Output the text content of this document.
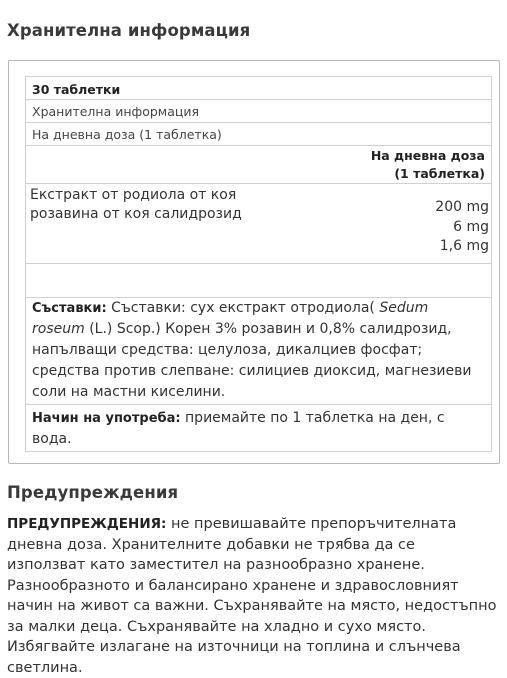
Хранителна информация
30 таблетки
Хранителна информация
На дневна доза (1 таблетка)
На дневна доза (1 таблетка)
Екстракт от родиола от коя розавина от коя салидрозид	200 mg
6 mg
1,6 mg
Съставки: Съставки: сух екстракт отродиола( Sedum roseum (L.) Scop.) Корен 3% розавин и 0,8% салидрозид, напълващи средства: целулоза, дикалциев фосфат; средства против слепване: силициев диоксид, магнезиеви соли на мастни киселини.
Начин на употреба: приемайте по 1 таблетка на ден, с вода.
Предупреждения
ПРЕДУПРЕЖДЕНИЯ: не превишавайте препоръчителната дневна доза. Хранителните добавки не трябва да се използват като заместител на разнообразно хранене. Разнообразното и балансирано хранене и здравословният начин на живот са важни. Съхранявайте на място, недостъпно за малки деца. Съхранявайте на хладно и сухо място. Избягвайте излагане на източници на топлина и слънчева светлина.
